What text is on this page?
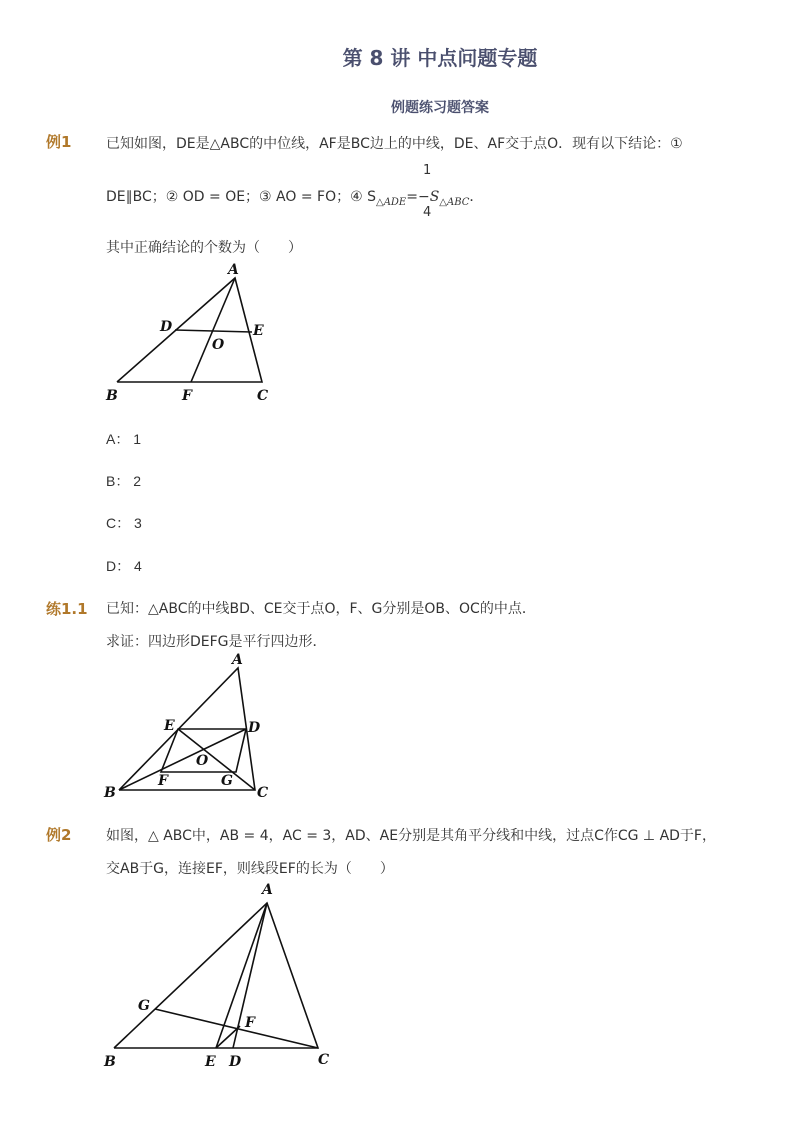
第 8 讲 中点问题专题
例题练习题答案
例1 已知如图，DE是△ABC的中位线，AF是BC边上的中线，DE、AF交于点O．现有以下结论：①
DE∥BC；② OD = OE；③ AO = FO；④ $S_{\triangle ADE}=-S_{\triangle ABC}$．
1
4
其中正确结论的个数为（　　）
A
D	E
O
B	F	C
A： 1
B： 2
C： 3
D： 4
练1.1 已知：△ABC的中线BD、CE交于点O，F、G分别是OB、OC的中点．
求证：四边形DEFG是平行四边形．
A
E	D
O
F	G
B	C
例2 如图，△ ABC中，AB = 4，AC = 3，AD、AE分别是其角平分线和中线，过点C作CG ⊥ AD于F，
交AB于G，连接EF，则线段EF的长为（　　）
A
G
F
B	E D	C
